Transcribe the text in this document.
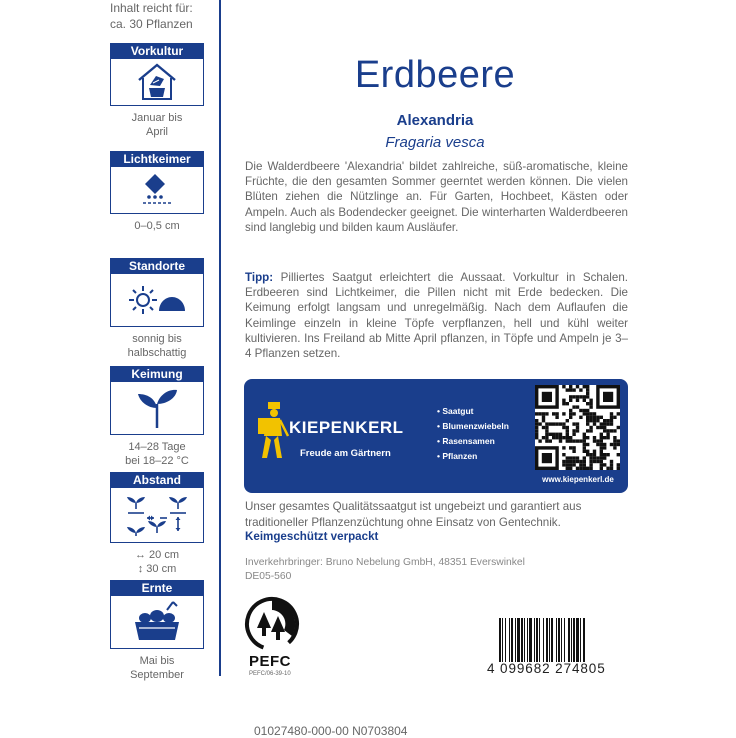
Inhalt reicht für:
ca. 30 Pflanzen
Vorkultur
Januar bis
April
Lichtkeimer
0–0,5 cm
Standorte
sonnig bis
halbschattig
Keimung
14–28 Tage
bei 18–22 °C
Abstand
↔ 20 cm
↕ 30 cm
Ernte
Mai bis
September
Erdbeere
Alexandria
Fragaria vesca
Die Walderdbeere 'Alexandria' bildet zahlreiche, süß-aromatische, kleine Früchte, die den gesamten Sommer geerntet werden können. Die vielen Blüten ziehen die Nützlinge an. Für Garten, Hochbeet, Kästen oder Ampeln. Auch als Bodendecker geeignet. Die winterharten Walderdbeeren sind langlebig und bilden kaum Ausläufer.
Tipp: Pilliertes Saatgut erleichtert die Aussaat. Vorkultur in Schalen. Erdbeeren sind Lichtkeimer, die Pillen nicht mit Erde bedecken. Die Keimung erfolgt langsam und unregelmäßig. Nach dem Auflaufen die Keimlinge einzeln in kleine Töpfe verpflanzen, hell und kühl weiter kultivieren. Ins Freiland ab Mitte April pflanzen, in Töpfe und Ampeln je 3–4 Pflanzen setzen.
KIEPENKERL
Freude am Gärtnern
• Saatgut
• Blumenzwiebeln
• Rasensamen
• Pflanzen
www.kiepenkerl.de
Unser gesamtes Qualitätssaatgut ist ungebeizt und garantiert aus traditioneller Pflanzenzüchtung ohne Einsatz von Gentechnik.
Keimgeschützt verpackt
Inverkehrbringer: Bruno Nebelung GmbH, 48351 Everswinkel
DE05-560
PEFC
PEFC/06-39-10	4 099682 274805
01027480-000-00 N0703804
